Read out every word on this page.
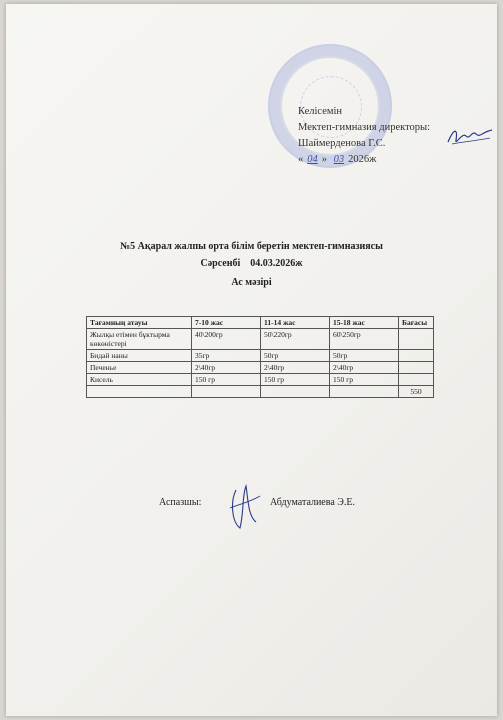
Келісемін
Мектеп-гимназия директоры:
Шаймерденова Г.С.
« 04 » 03 2026ж
№5 Ақарал жалпы орта білім беретін мектеп-гимназиясы
Сәрсенбі    04.03.2026ж
Ас мәзірі
Тағамның атауы	7-10 жас	11-14 жас	15-18 жас	Бағасы
Жылқы етімен бұктырма көкөністері	40\200гр	50\220гр	60\250гр	
Бидай наны	35гр	50гр	50гр	
Печенье	2\40гр	2\40гр	2\40гр	
Кисель	150 гр	150 гр	150 гр	
				550
Аспазшы:	Абдуматалиева Э.Е.
